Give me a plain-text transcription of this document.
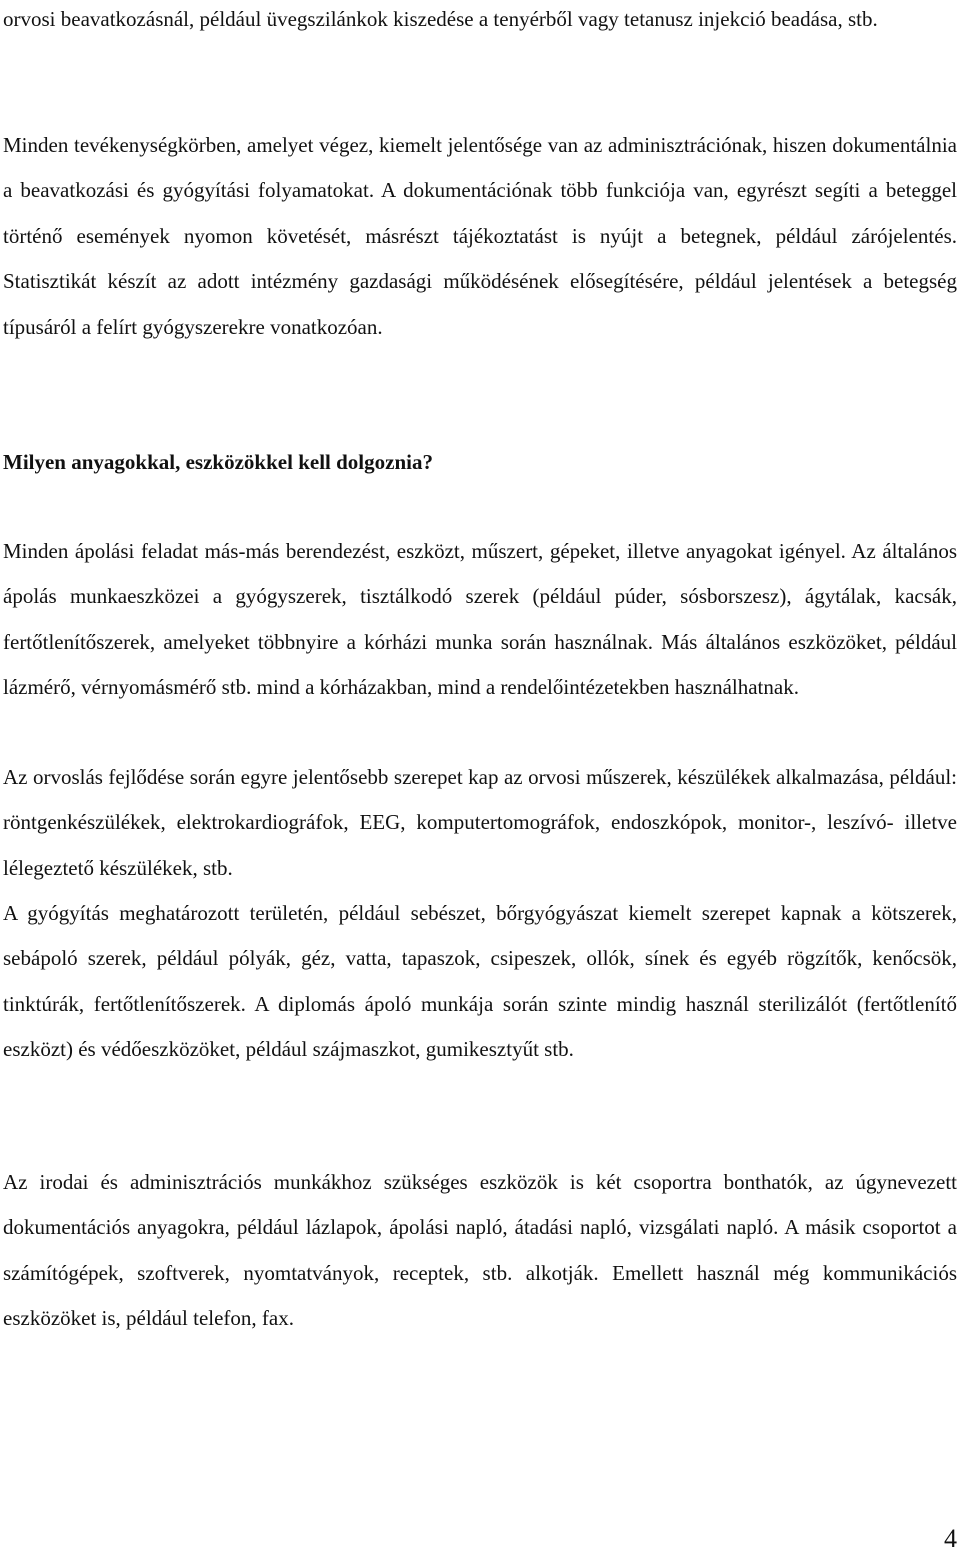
orvosi beavatkozásnál, például üvegszilánkok kiszedése a tenyérből vagy tetanusz injekció beadása, stb.

Minden tevékenységkörben, amelyet végez, kiemelt jelentősége van az adminisztrációnak, hiszen dokumentálnia a beavatkozási és gyógyítási folyamatokat. A dokumentációnak több funkciója van, egyrészt segíti a beteggel történő események nyomon követését, másrészt tájékoztatást is nyújt a betegnek, például zárójelentés. Statisztikát készít az adott intézmény gazdasági működésének elősegítésére, például jelentések a betegség típusáról a felírt gyógyszerekre vonatkozóan.

Milyen anyagokkal, eszközökkel kell dolgoznia?

Minden ápolási feladat más-más berendezést, eszközt, műszert, gépeket, illetve anyagokat igényel. Az általános ápolás munkaeszközei a gyógyszerek, tisztálkodó szerek (például púder, sósborszesz), ágytálak, kacsák, fertőtlenítőszerek, amelyeket többnyire a kórházi munka során használnak. Más általános eszközöket, például lázmérő, vérnyomásmérő stb. mind a kórházakban, mind a rendelőintézetekben használhatnak.

Az orvoslás fejlődése során egyre jelentősebb szerepet kap az orvosi műszerek, készülékek alkalmazása, például: röntgenkészülékek, elektrokardiográfok, EEG, komputertomográfok, endoszkópok, monitor-, leszívó- illetve lélegeztető készülékek, stb.

A gyógyítás meghatározott területén, például sebészet, bőrgyógyászat kiemelt szerepet kapnak a kötszerek, sebápoló szerek, például pólyák, géz, vatta, tapaszok, csipeszek, ollók, sínek és egyéb rögzítők, kenőcsök, tinktúrák, fertőtlenítőszerek. A diplomás ápoló munkája során szinte mindig használ sterilizálót (fertőtlenítő eszközt) és védőeszközöket, például szájmaszkot, gumikesztyűt stb.

Az irodai és adminisztrációs munkákhoz szükséges eszközök is két csoportra bonthatók, az úgynevezett dokumentációs anyagokra, például lázlapok, ápolási napló, átadási napló, vizsgálati napló. A másik csoportot a számítógépek, szoftverek, nyomtatványok, receptek, stb. alkotják. Emellett használ még kommunikációs eszközöket is, például telefon, fax.

4
